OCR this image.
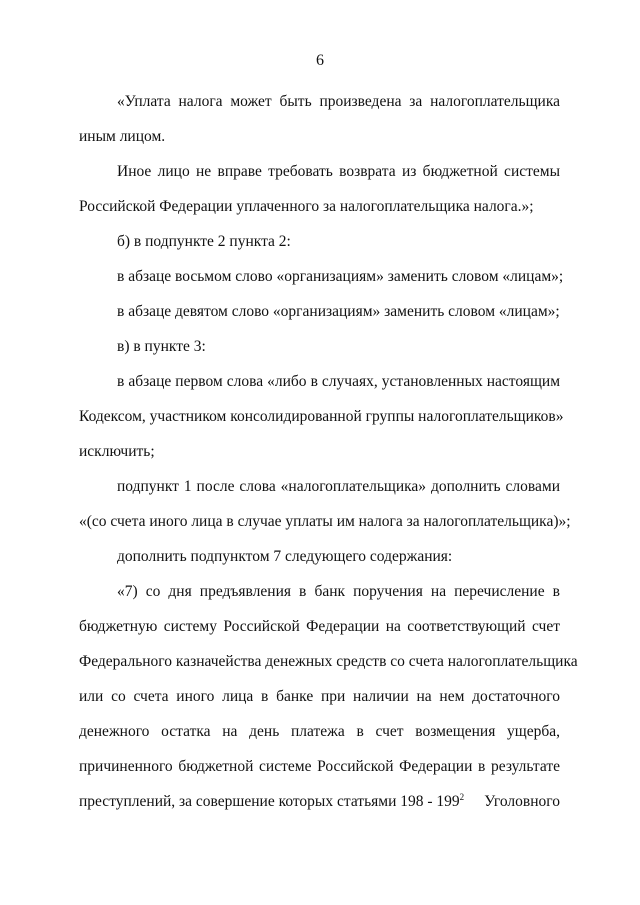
6
«Уплата налога может быть произведена за налогоплательщика
иным лицом.
Иное лицо не вправе требовать возврата из бюджетной системы
Российской Федерации уплаченного за налогоплательщика налога.»;
б) в подпункте 2 пункта 2:
в абзаце восьмом слово «организациям» заменить словом «лицам»;
в абзаце девятом слово «организациям» заменить словом «лицам»;
в) в пункте 3:
в абзаце первом слова «либо в случаях, установленных настоящим
Кодексом, участником консолидированной группы налогоплательщиков»
исключить;
подпункт 1 после слова «налогоплательщика» дополнить словами
«(со счета иного лица в случае уплаты им налога за налогоплательщика)»;
дополнить подпунктом 7 следующего содержания:
«7) со дня предъявления в банк поручения на перечисление в
бюджетную систему Российской Федерации на соответствующий счет
Федерального казначейства денежных средств со счета налогоплательщика
или со счета иного лица в банке при наличии на нем достаточного
денежного остатка на день платежа в счет возмещения ущерба,
причиненного бюджетной системе Российской Федерации в результате
преступлений, за совершение которых статьями $198 - 199^2$ Уголовного
